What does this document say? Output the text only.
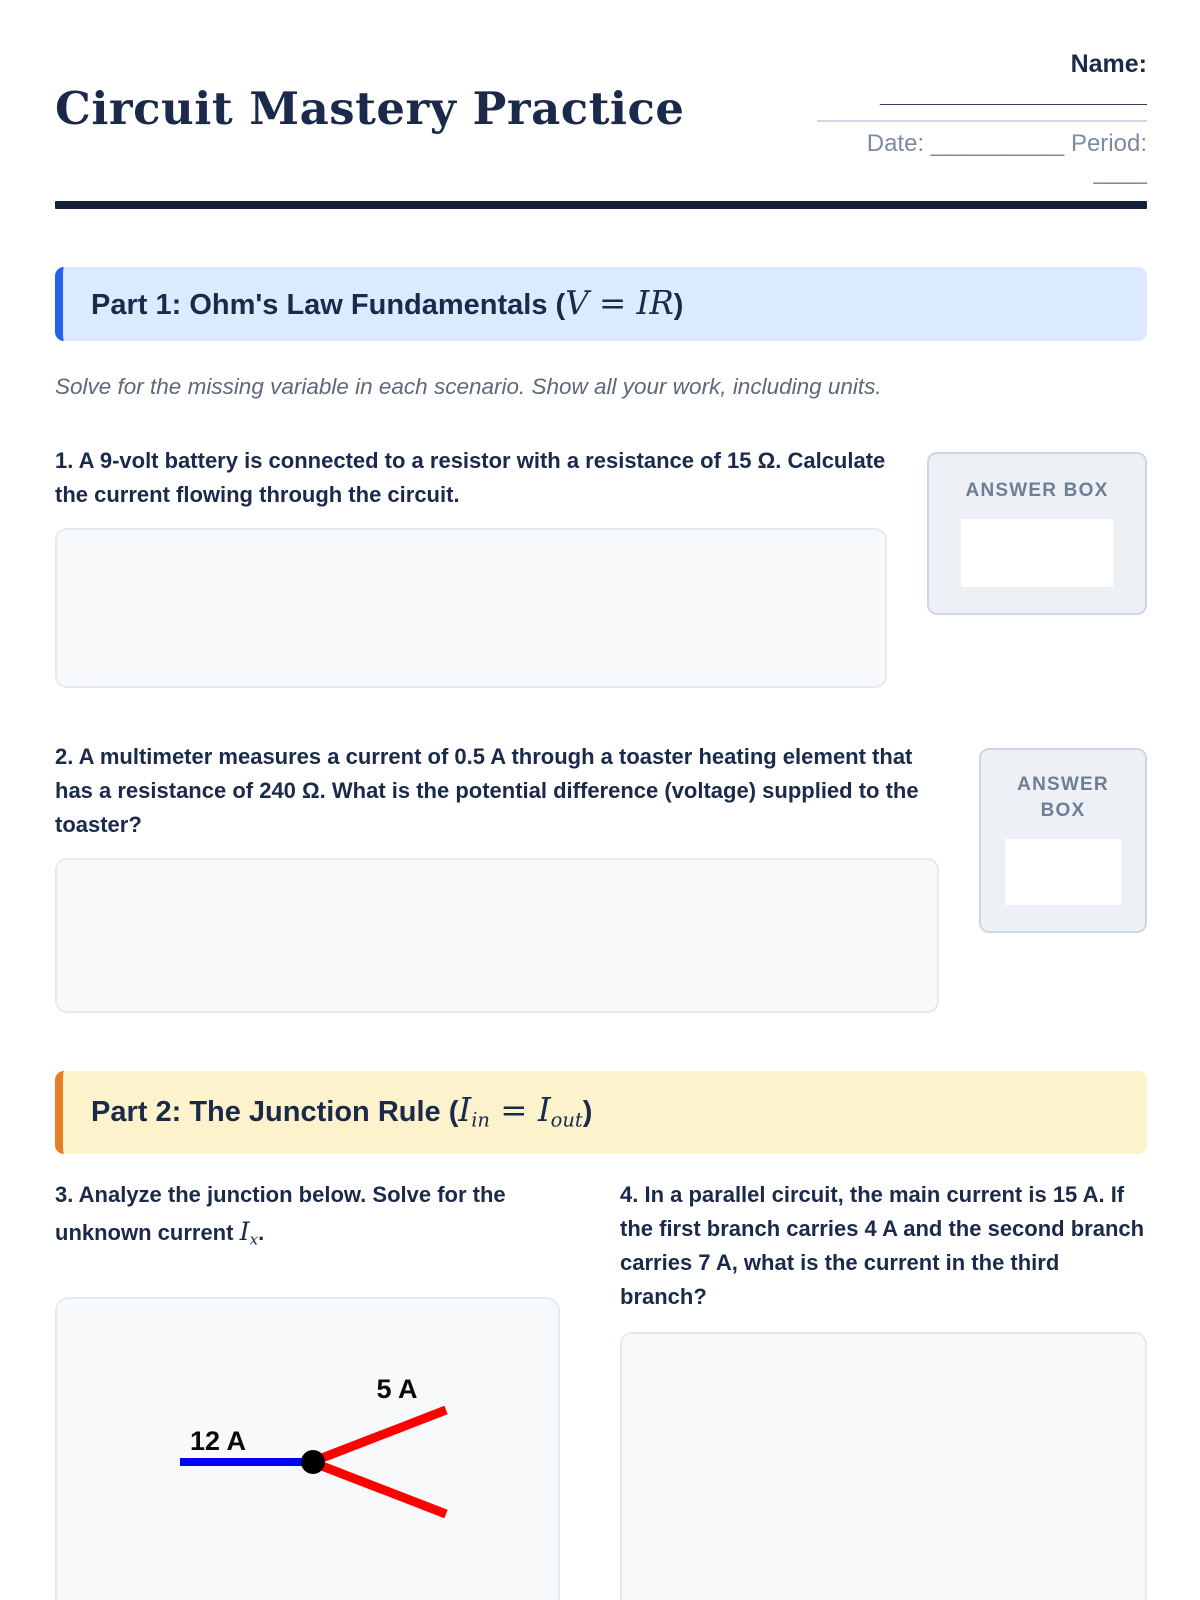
Circuit Mastery Practice
Name:
____________________
Date: __________ Period: ____
Part 1: Ohm's Law Fundamentals (V = IR)

Solve for the missing variable in each scenario. Show all your work, including units.

1. A 9-volt battery is connected to a resistor with a resistance of 15 Ω. Calculate the current flowing through the circuit.	ANSWER BOX

2. A multimeter measures a current of 0.5 A through a toaster heating element that has a resistance of 240 Ω. What is the potential difference (voltage) supplied to the toaster?

ANSWER BOX
Part 2: The Junction Rule $(I_{in} = I_{out})$

3. Analyze the junction below. Solve for the unknown current $I_x$.

12 A
5 A

4. In a parallel circuit, the main current is 15 A. If the first branch carries 4 A and the second branch carries 7 A, what is the current in the third branch?
